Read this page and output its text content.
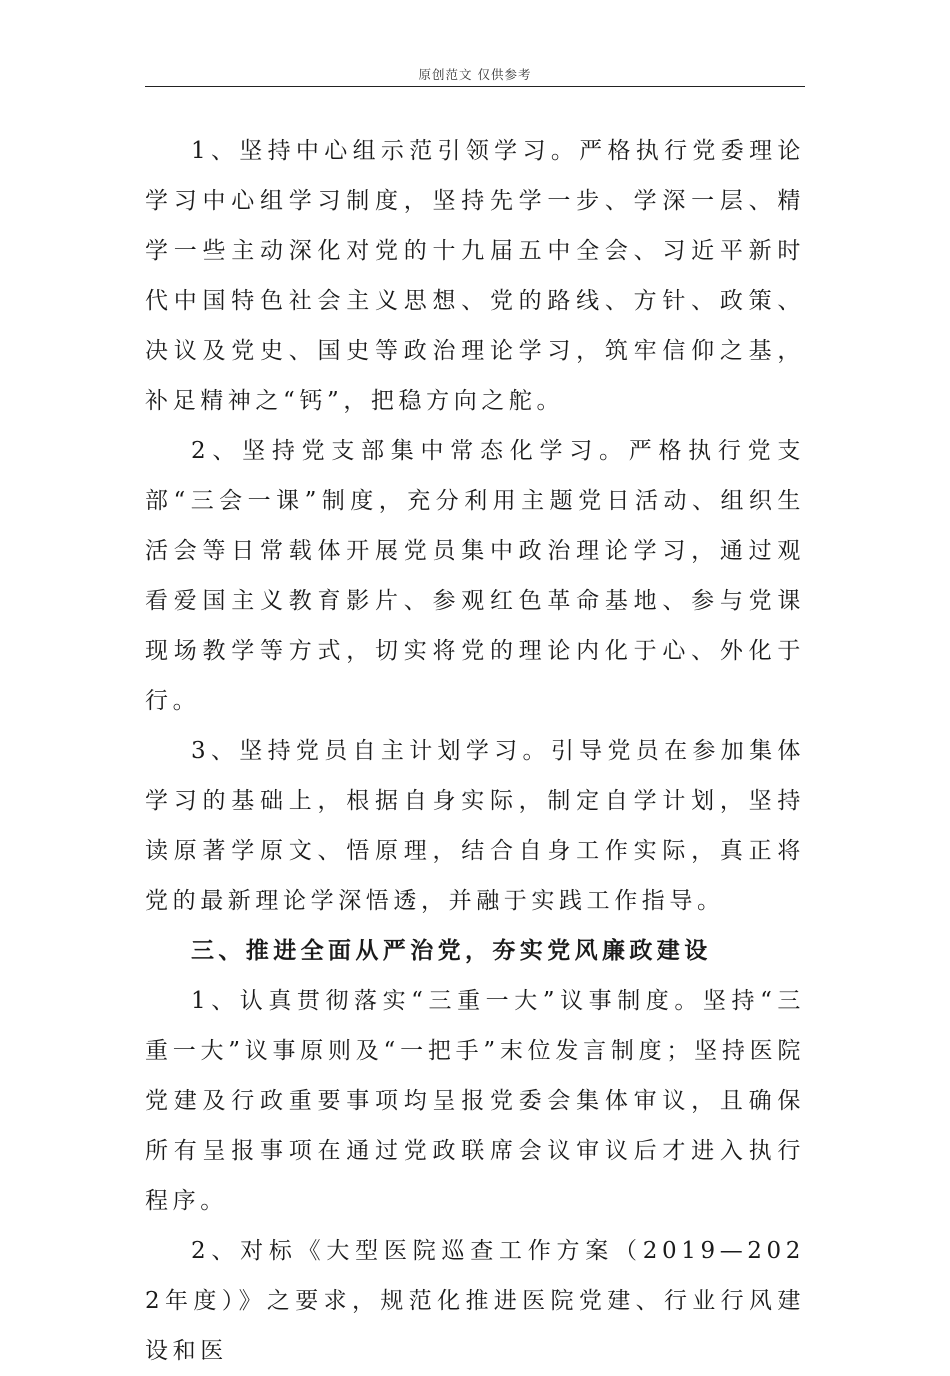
原创范文 仅供参考

1、坚持中心组示范引领学习。严格执行党委理论学习中心组学习制度，坚持先学一步、学深一层、精学一些主动深化对党的十九届五中全会、习近平新时代中国特色社会主义思想、党的路线、方针、政策、决议及党史、国史等政治理论学习，筑牢信仰之基，补足精神之“钙”，把稳方向之舵。

2、坚持党支部集中常态化学习。严格执行党支部“三会一课”制度，充分利用主题党日活动、组织生活会等日常载体开展党员集中政治理论学习，通过观看爱国主义教育影片、参观红色革命基地、参与党课现场教学等方式，切实将党的理论内化于心、外化于行。

3、坚持党员自主计划学习。引导党员在参加集体学习的基础上，根据自身实际，制定自学计划，坚持读原著学原文、悟原理，结合自身工作实际，真正将党的最新理论学深悟透，并融于实践工作指导。

三、推进全面从严治党，夯实党风廉政建设

1、认真贯彻落实“三重一大”议事制度。坚持“三重一大”议事原则及“一把手”末位发言制度；坚持医院党建及行政重要事项均呈报党委会集体审议，且确保所有呈报事项在通过党政联席会议审议后才进入执行程序。

2、对标《大型医院巡查工作方案（2019—2022年度）》之要求，规范化推进医院党建、行业行风建设和医
